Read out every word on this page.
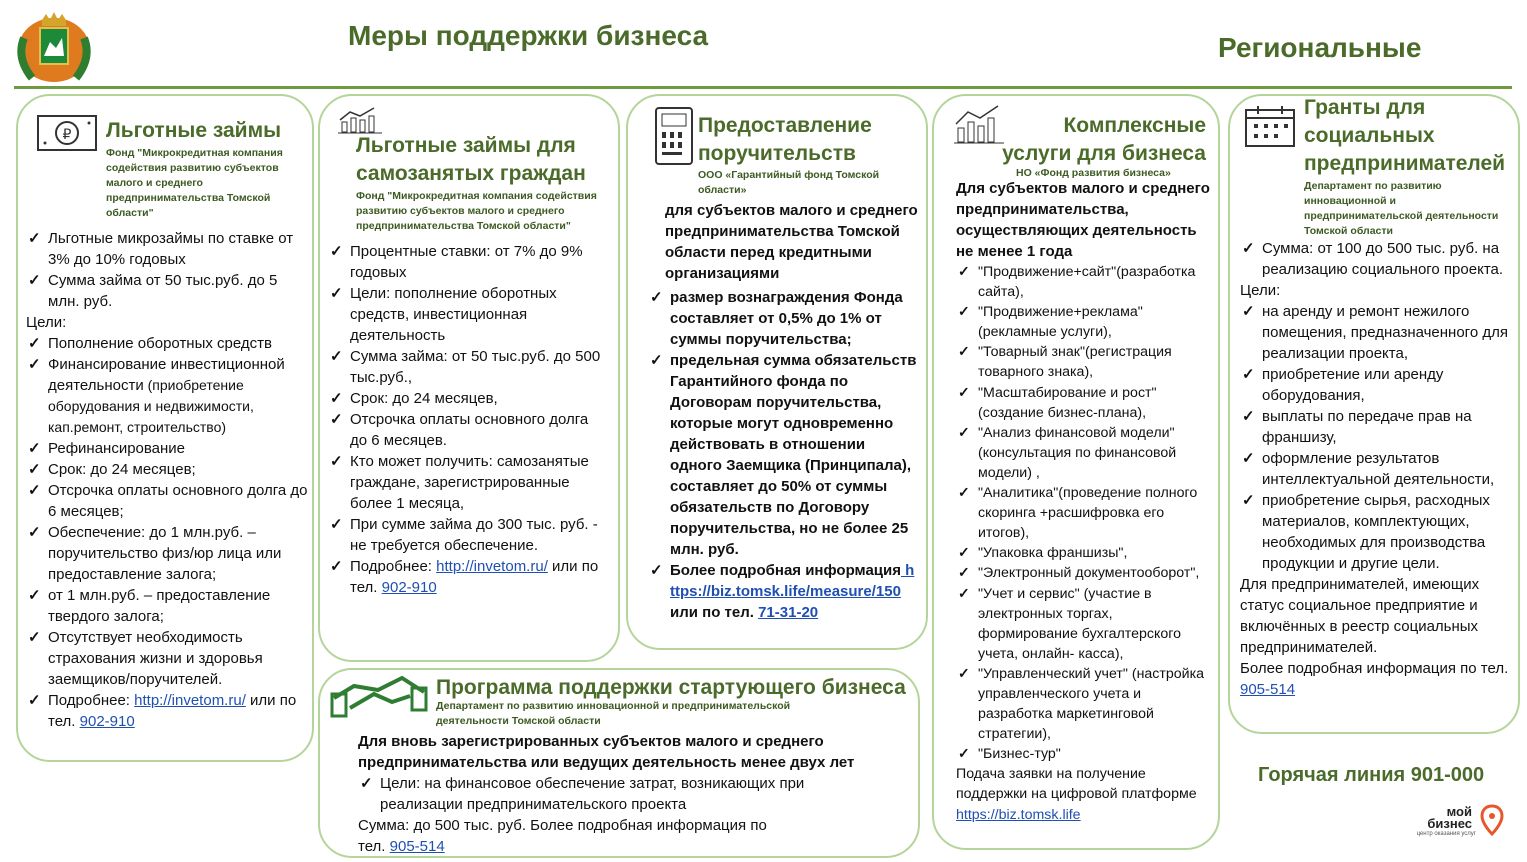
Меры поддержки бизнеса	Региональные
₽ Льготные займы
Фонд "Микрокредитная компания содействия развитию субъектов малого и среднего предпринимательства Томской области"
✓ Льготные микрозаймы по ставке от 3% до 10% годовых
✓ Сумма займа от 50 тыс.руб. до 5 млн. руб.
Цели:
✓ Пополнение оборотных средств
✓ Финансирование инвестиционной деятельности (приобретение оборудования и недвижимости, кап.ремонт, строительство)
✓ Рефинансирование
✓ Срок: до 24 месяцев;
✓ Отсрочка оплаты основного долга до 6 месяцев;
✓ Обеспечение: до 1 млн.руб. – поручительство физ/юр лица или предоставление залога;
✓ от 1 млн.руб. – предоставление твердого залога;
✓ Отсутствует необходимость страхования жизни и здоровья заемщиков/поручителей.
✓ Подробнее: http://invetom.ru/ или по тел. 902-910
Льготные займы для самозанятых граждан
Фонд "Микрокредитная компания содействия развитию субъектов малого и среднего предпринимательства Томской области"
✓ Процентные ставки: от 7% до 9% годовых
✓ Цели: пополнение оборотных средств, инвестиционная деятельность
✓ Сумма займа: от 50 тыс.руб. до 500 тыс.руб.,
✓ Срок: до 24 месяцев,
✓ Отсрочка оплаты основного долга до 6 месяцев.
✓ Кто может получить: самозанятые граждане, зарегистрированные более 1 месяца,
✓ При сумме займа до 300 тыс. руб. - не требуется обеспечение.
✓ Подробнее: http://invetom.ru/ или по тел. 902-910
Предоставление поручительств
ООО «Гарантийный фонд Томской области»
для субъектов малого и среднего предпринимательства Томской области перед кредитными организациями
✓ размер вознаграждения Фонда составляет от 0,5% до 1% от суммы поручительства;
✓ предельная сумма обязательств Гарантийного фонда по Договорам поручительства, которые могут одновременно действовать в отношении одного Заемщика (Принципала), составляет до 50% от суммы обязательств по Договору поручительства, но не более 25 млн. руб.
✓ Более подробная информация https://biz.tomsk.life/measure/150 или по тел. 71-31-20
Комплексные услуги для бизнеса
НО «Фонд развития бизнеса»
Для субъектов малого и среднего предпринимательства, осуществляющих деятельность не менее 1 года
✓ "Продвижение+сайт"(разработка сайта),
✓ "Продвижение+реклама"(рекламные услуги),
✓ "Товарный знак"(регистрация товарного знака),
✓ "Масштабирование и рост" (создание бизнес-плана),
✓ "Анализ финансовой модели"(консультация по финансовой модели) ,
✓ "Аналитика"(проведение полного скоринга +расшифровка его итогов),
✓ "Упаковка франшизы",
✓ "Электронный документооборот",
✓ "Учет и сервис" (участие в электронных торгах, формирование бухгалтерского учета, онлайн- касса),
✓ "Управленческий учет" (настройка управленческого учета и разработка маркетинговой стратегии),
✓ "Бизнес-тур"
Подача заявки на получение поддержки на цифровой платформе https://biz.tomsk.life
Гранты для социальных предпринимателей
Департамент по развитию инновационной и предпринимательской деятельности Томской области
✓ Сумма: от 100 до 500 тыс. руб. на реализацию социального проекта.
Цели:
✓ на аренду и ремонт нежилого помещения, предназначенного для реализации проекта,
✓ приобретение или аренду оборудования,
✓ выплаты по передаче прав на франшизу,
✓ оформление результатов интеллектуальной деятельности,
✓ приобретение сырья, расходных материалов, комплектующих, необходимых для производства продукции и другие цели.
Для предпринимателей, имеющих статус социальное предприятие и включённых в реестр социальных предпринимателей.
Более подробная информация по тел. 905-514
Программа поддержки стартующего бизнеса
Департамент по развитию инновационной и предпринимательской деятельности Томской области
Для вновь зарегистрированных субъектов малого и среднего предпринимательства или ведущих деятельность менее двух лет
✓ Цели: на финансовое обеспечение затрат, возникающих при реализации предпринимательского проекта
Сумма: до 500 тыс. руб. Более подробная информация по тел. 905-514
Горячая линия 901-000
мой
бизнес
центр оказания услуг
